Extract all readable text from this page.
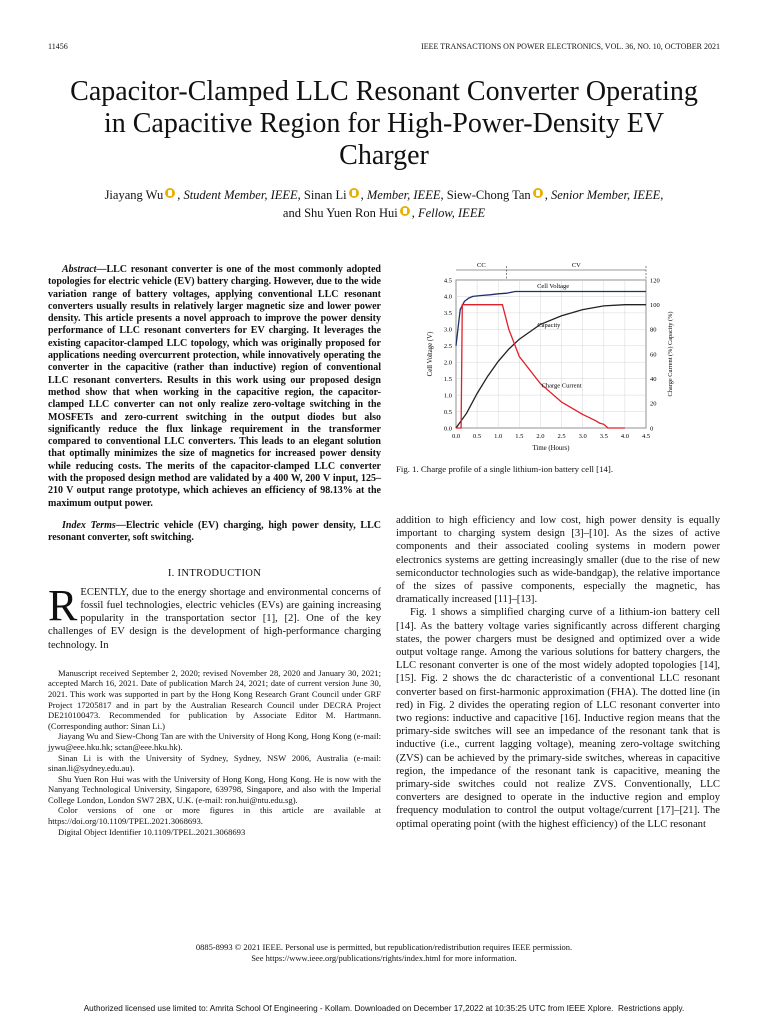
11456	IEEE TRANSACTIONS ON POWER ELECTRONICS, VOL. 36, NO. 10, OCTOBER 2021
Capacitor-Clamped LLC Resonant Converter Operating in Capacitive Region for High-Power-Density EV Charger
Jiayang Wu , Student Member, IEEE, Sinan Li , Member, IEEE, Siew-Chong Tan , Senior Member, IEEE,
and Shu Yuen Ron Hui , Fellow, IEEE

Abstract—LLC resonant converter is one of the most commonly adopted topologies for electric vehicle (EV) battery charging. However, due to the wide variation range of battery voltages, applying conventional LLC resonant converters usually results in relatively larger magnetic size and lower power density. This article presents a novel approach to improve the power density performance of LLC resonant converters for EV charging. It leverages the existing capacitor-clamped LLC topology, which was originally proposed for applications needing overcurrent protection, while innovatively operating the converter in the capacitive (rather than inductive) region of conventional LLC resonant converters. Results in this work using our proposed design method show that when working in the capacitive region, the capacitor-clamped LLC converter can not only realize zero-voltage switching in the MOSFETs and zero-current switching in the output diodes but also significantly reduce the flux linkage requirement in the transformer compared to conventional LLC converters. This leads to an elegant solution that optimally minimizes the size of magnetics for increased power density while reducing costs. The merits of the capacitor-clamped LLC converter with the proposed design method are validated by a 400 W, 200 V input, 125–210 V output range prototype, which achieves an efficiency of 98.13% at the maximum output power.

Index Terms—Electric vehicle (EV) charging, high power density, LLC resonant converter, soft switching.

I. INTRODUCTION

RECENTLY, due to the energy shortage and environmental concerns of fossil fuel technologies, electric vehicles (EVs) are gaining increasing popularity in the transportation sector [1], [2]. One of the key challenges of EV design is the development of high-performance charging technology. In

Manuscript received September 2, 2020; revised November 28, 2020 and January 30, 2021; accepted March 16, 2021. Date of publication March 24, 2021; date of current version June 30, 2021. This work was supported in part by the Hong Kong Research Grant Council under GRF Project 17205817 and in part by the Australian Research Council under DECRA Project DE210100473. Recommended for publication by Associate Editor M. Hartmann. (Corresponding author: Sinan Li.)

Jiayang Wu and Siew-Chong Tan are with the University of Hong Kong, Hong Kong (e-mail: jywu@eee.hku.hk; sctan@eee.hku.hk).

Sinan Li is with the University of Sydney, Sydney, NSW 2006, Australia (e-mail: sinan.li@sydney.edu.au).

Shu Yuen Ron Hui was with the University of Hong Kong, Hong Kong. He is now with the Nanyang Technological University, Singapore, 639798, Singapore, and also with the Imperial College London, London SW7 2BX, U.K. (e-mail: ron.hui@ntu.edu.sg).

Color versions of one or more figures in this article are available at https://doi.org/10.1109/TPEL.2021.3068693.

Digital Object Identifier 10.1109/TPEL.2021.3068693

0.0 0.5 1.0 1.5 2.0 2.5 3.0 3.5 4.0 4.5
0.0
0.5
1.0
1.5
2.0
2.5
3.0
3.5
4.0
4.5
0
20
40
60
80
100
120
Time (Hours)
Cell Voltage (V)	Charge Current (%) Capacity (%)
CC	CV
Cell Voltage
Capacity
Charge Current
Fig. 1. Charge profile of a single lithium-ion battery cell [14].

addition to high efficiency and low cost, high power density is equally important to charging system design [3]–[10]. As the sizes of active components and their associated cooling systems in modern power electronics systems are getting increasingly smaller (due to the rise of new semiconductor technologies such as wide-bandgap), the relative importance of the sizes of passive components, especially the magnetic, has dramatically increased [11]–[13].

Fig. 1 shows a simplified charging curve of a lithium-ion battery cell [14]. As the battery voltage varies significantly across different charging states, the power chargers must be designed and optimized over a wide output voltage range. Among the various solutions for battery chargers, the LLC resonant converter is one of the most widely adopted topologies [14], [15]. Fig. 2 shows the dc characteristic of a conventional LLC resonant converter based on first-harmonic approximation (FHA). The dotted line (in red) in Fig. 2 divides the operating region of LLC resonant converter into two regions: inductive and capacitive [16]. Inductive region means that the primary-side switches will see an impedance of the resonant tank that is inductive (i.e., current lagging voltage), meaning zero-voltage switching (ZVS) can be achieved by the primary-side switches, whereas in capacitive region, the impedance of the resonant tank is capacitive, meaning the primary-side switches could not realize ZVS. Conventionally, LLC converters are designed to operate in the inductive region and employ frequency modulation to control the output voltage/current [17]–[21]. The optimal operating point (with the highest efficiency) of the LLC resonant

0885-8993 © 2021 IEEE. Personal use is permitted, but republication/redistribution requires IEEE permission.
See https://www.ieee.org/publications/rights/index.html for more information.
Authorized licensed use limited to: Amrita School Of Engineering - Kollam. Downloaded on December 17,2022 at 10:35:25 UTC from IEEE Xplore.  Restrictions apply.
